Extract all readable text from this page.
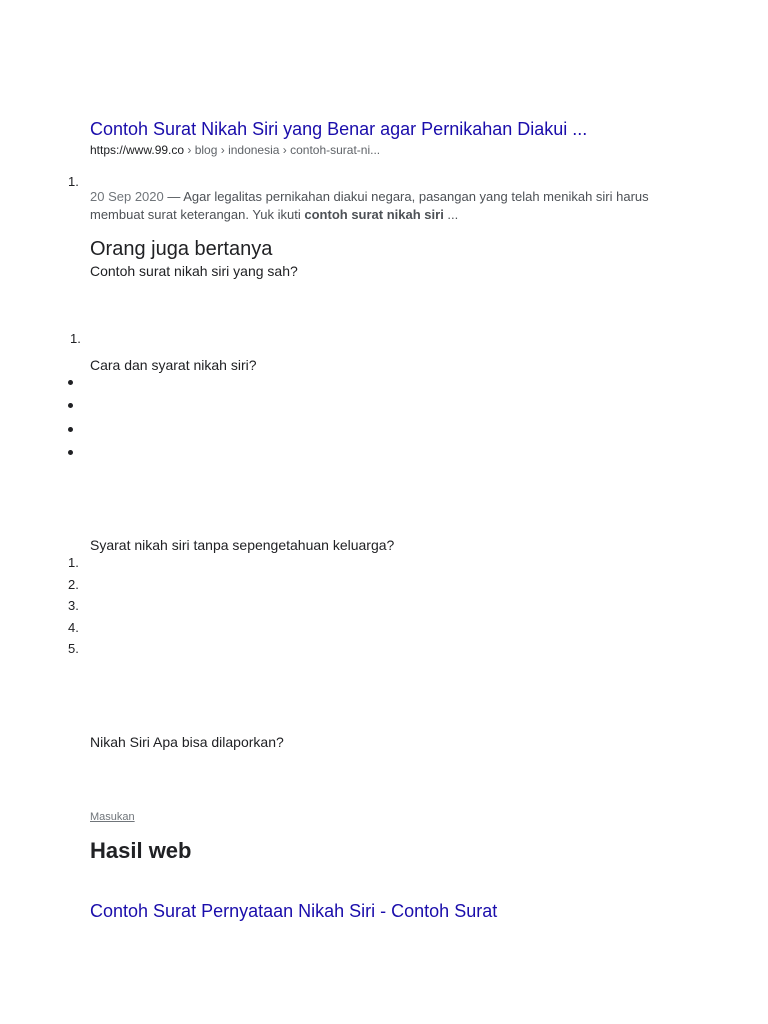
Contoh Surat Nikah Siri yang Benar agar Pernikahan Diakui ...
https://www.99.co › blog › indonesia › contoh-surat-ni...
1.
20 Sep 2020 — Agar legalitas pernikahan diakui negara, pasangan yang telah menikah siri harus
membuat surat keterangan. Yuk ikuti contoh surat nikah siri ...
Orang juga bertanya
Contoh surat nikah siri yang sah?
1.
Cara dan syarat nikah siri?
Syarat nikah siri tanpa sepengetahuan keluarga?
1.
2.
3.
4.
5.
Nikah Siri Apa bisa dilaporkan?
Masukan
Hasil web
Contoh Surat Pernyataan Nikah Siri - Contoh Surat
